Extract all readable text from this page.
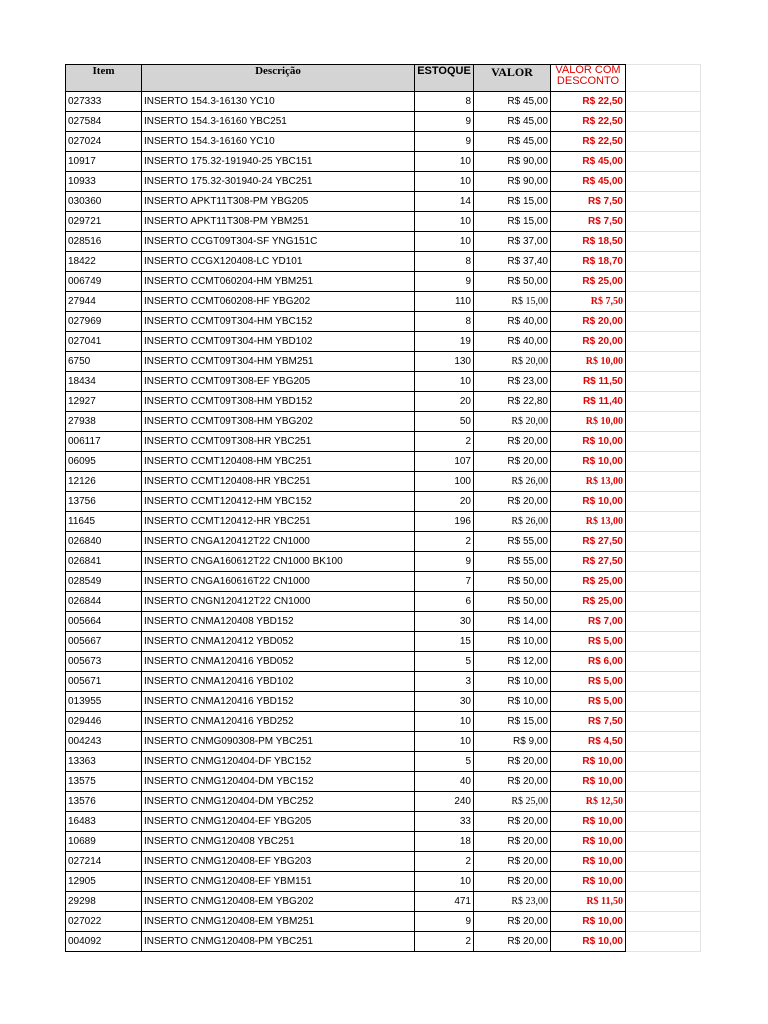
Item	Descrição	ESTOQUE	VALOR	VALOR COM DESCONTO	
027333	INSERTO 154.3-16130 YC10	8	R$ 45,00	R$ 22,50	
027584	INSERTO 154.3-16160 YBC251	9	R$ 45,00	R$ 22,50	
027024	INSERTO 154.3-16160 YC10	9	R$ 45,00	R$ 22,50	
10917	INSERTO 175.32-191940-25 YBC151	10	R$ 90,00	R$ 45,00	
10933	INSERTO 175.32-301940-24 YBC251	10	R$ 90,00	R$ 45,00	
030360	INSERTO APKT11T308-PM YBG205	14	R$ 15,00	R$ 7,50	
029721	INSERTO APKT11T308-PM YBM251	10	R$ 15,00	R$ 7,50	
028516	INSERTO CCGT09T304-SF YNG151C	10	R$ 37,00	R$ 18,50	
18422	INSERTO CCGX120408-LC YD101	8	R$ 37,40	R$ 18,70	
006749	INSERTO CCMT060204-HM YBM251	9	R$ 50,00	R$ 25,00	
27944	INSERTO CCMT060208-HF YBG202	110	R$ 15,00	R$ 7,50	
027969	INSERTO CCMT09T304-HM YBC152	8	R$ 40,00	R$ 20,00	
027041	INSERTO CCMT09T304-HM YBD102	19	R$ 40,00	R$ 20,00	
6750	INSERTO CCMT09T304-HM YBM251	130	R$ 20,00	R$ 10,00	
18434	INSERTO CCMT09T308-EF YBG205	10	R$ 23,00	R$ 11,50	
12927	INSERTO CCMT09T308-HM YBD152	20	R$ 22,80	R$ 11,40	
27938	INSERTO CCMT09T308-HM YBG202	50	R$ 20,00	R$ 10,00	
006117	INSERTO CCMT09T308-HR YBC251	2	R$ 20,00	R$ 10,00	
06095	INSERTO CCMT120408-HM YBC251	107	R$ 20,00	R$ 10,00	
12126	INSERTO CCMT120408-HR YBC251	100	R$ 26,00	R$ 13,00	
13756	INSERTO CCMT120412-HM YBC152	20	R$ 20,00	R$ 10,00	
11645	INSERTO CCMT120412-HR YBC251	196	R$ 26,00	R$ 13,00	
026840	INSERTO CNGA120412T22 CN1000	2	R$ 55,00	R$ 27,50	
026841	INSERTO CNGA160612T22 CN1000 BK100	9	R$ 55,00	R$ 27,50	
028549	INSERTO CNGA160616T22 CN1000	7	R$ 50,00	R$ 25,00	
026844	INSERTO CNGN120412T22 CN1000	6	R$ 50,00	R$ 25,00	
005664	INSERTO CNMA120408 YBD152	30	R$ 14,00	R$ 7,00	
005667	INSERTO CNMA120412 YBD052	15	R$ 10,00	R$ 5,00	
005673	INSERTO CNMA120416 YBD052	5	R$ 12,00	R$ 6,00	
005671	INSERTO CNMA120416 YBD102	3	R$ 10,00	R$ 5,00	
013955	INSERTO CNMA120416 YBD152	30	R$ 10,00	R$ 5,00	
029446	INSERTO CNMA120416 YBD252	10	R$ 15,00	R$ 7,50	
004243	INSERTO CNMG090308-PM YBC251	10	R$ 9,00	R$ 4,50	
13363	INSERTO CNMG120404-DF YBC152	5	R$ 20,00	R$ 10,00	
13575	INSERTO CNMG120404-DM YBC152	40	R$ 20,00	R$ 10,00	
13576	INSERTO CNMG120404-DM YBC252	240	R$ 25,00	R$ 12,50	
16483	INSERTO CNMG120404-EF YBG205	33	R$ 20,00	R$ 10,00	
10689	INSERTO CNMG120408 YBC251	18	R$ 20,00	R$ 10,00	
027214	INSERTO CNMG120408-EF YBG203	2	R$ 20,00	R$ 10,00	
12905	INSERTO CNMG120408-EF YBM151	10	R$ 20,00	R$ 10,00	
29298	INSERTO CNMG120408-EM YBG202	471	R$ 23,00	R$ 11,50	
027022	INSERTO CNMG120408-EM YBM251	9	R$ 20,00	R$ 10,00	
004092	INSERTO CNMG120408-PM YBC251	2	R$ 20,00	R$ 10,00	
